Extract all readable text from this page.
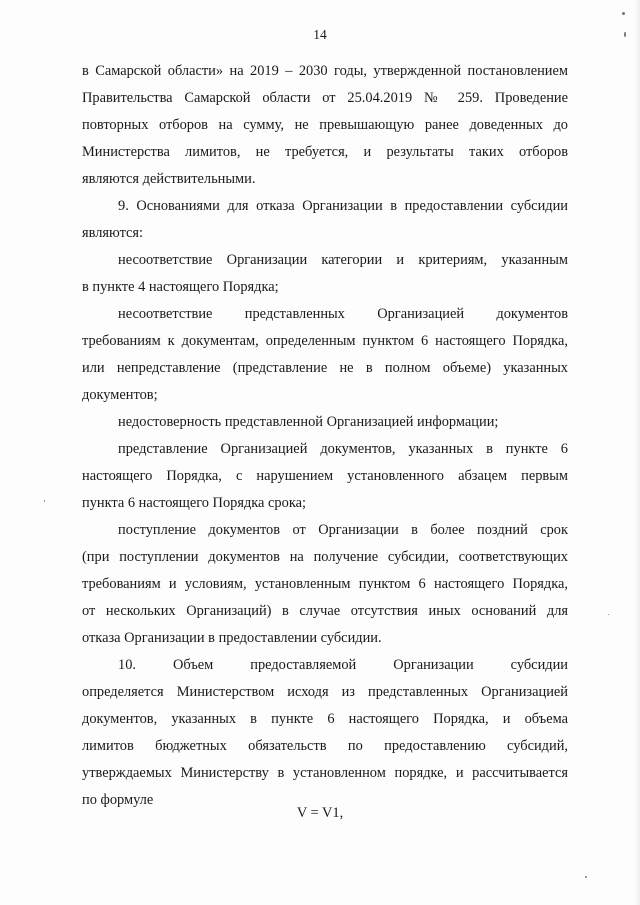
14
в Самарской области» на 2019 – 2030 годы, утвержденной постановлением
Правительства Самарской области от 25.04.2019 № 259. Проведение
повторных отборов на сумму, не превышающую ранее доведенных до
Министерства лимитов, не требуется, и результаты таких отборов
являются действительными.
9. Основаниями для отказа Организации в предоставлении субсидии
являются:
несоответствие Организации категории и критериям, указанным
в пункте 4 настоящего Порядка;
несоответствие представленных Организацией документов
требованиям к документам, определенным пунктом 6 настоящего Порядка,
или непредставление (представление не в полном объеме) указанных
документов;
недостоверность представленной Организацией информации;
представление Организацией документов, указанных в пункте 6
настоящего Порядка, с нарушением установленного абзацем первым
пункта 6 настоящего Порядка срока;
поступление документов от Организации в более поздний срок
(при поступлении документов на получение субсидии, соответствующих
требованиям и условиям, установленным пунктом 6 настоящего Порядка,
от нескольких Организаций) в случае отсутствия иных оснований для
отказа Организации в предоставлении субсидии.
10. Объем предоставляемой Организации субсидии
определяется Министерством исходя из представленных Организацией
документов, указанных в пункте 6 настоящего Порядка, и объема
лимитов бюджетных обязательств по предоставлению субсидий,
утверждаемых Министерству в установленном порядке, и рассчитывается
по формуле
V = V1,
